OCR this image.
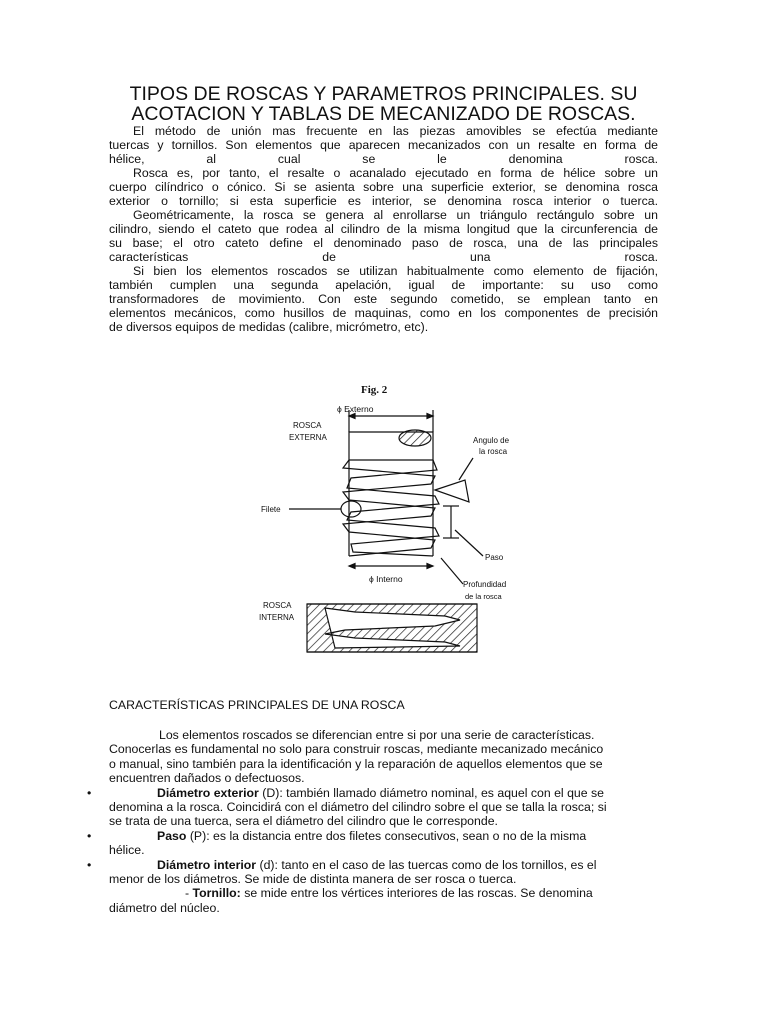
TIPOS DE ROSCAS Y PARAMETROS PRINCIPALES. SU
ACOTACION Y TABLAS DE MECANIZADO DE ROSCAS.

El método de unión mas frecuente en las piezas amovibles se efectúa mediante

tuercas y tornillos. Son elementos que aparecen mecanizados con un resalte en forma de

hélice, al cual se le denomina rosca.

Rosca es, por tanto, el resalte o acanalado ejecutado en forma de hélice sobre un

cuerpo cilíndrico o cónico. Si se asienta sobre una superficie exterior, se denomina rosca

exterior o tornillo; si esta superficie es interior, se denomina rosca interior o tuerca.

Geométricamente, la rosca se genera al enrollarse un triángulo rectángulo sobre un

cilindro, siendo el cateto que rodea al cilindro de la misma longitud que la circunferencia de

su base; el otro cateto define el denominado paso de rosca, una de las principales

características de una rosca.

Si bien los elementos roscados se utilizan habitualmente como elemento de fijación,

también cumplen una segunda apelación, igual de importante: su uso como

transformadores de movimiento. Con este segundo cometido, se emplean tanto en

elementos mecánicos, como husillos de maquinas, como en los componentes de precisión

de diversos equipos de medidas (calibre, micrómetro, etc).

Fig. 2
ϕ Externo
ROSCA
EXTERNA	Angulo de
la rosca
Filete
Paso
ϕ Interno
Profundidad
de la rosca
ROSCA
INTERNA
CARACTERÍSTICAS PRINCIPALES DE UNA ROSCA

Los elementos roscados se diferencian entre si por una serie de características.

Conocerlas es fundamental no solo para construir roscas, mediante mecanizado mecánico

o manual, sino también para la identificación y la reparación de aquellos elementos que se

encuentren dañados o defectuosos.

•	Diámetro exterior (D): también llamado diámetro nominal, es aquel con el que se

denomina a la rosca. Coincidirá con el diámetro del cilindro sobre el que se talla la rosca; si

se trata de una tuerca, sera el diámetro del cilindro que le corresponde.

•	Paso (P): es la distancia entre dos filetes consecutivos, sean o no de la misma

hélice.

•	Diámetro interior (d): tanto en el caso de las tuercas como de los tornillos, es el

menor de los diámetros. Se mide de distinta manera de ser rosca o tuerca.

- Tornillo: se mide entre los vértices interiores de las roscas. Se denomina

diámetro del núcleo.
